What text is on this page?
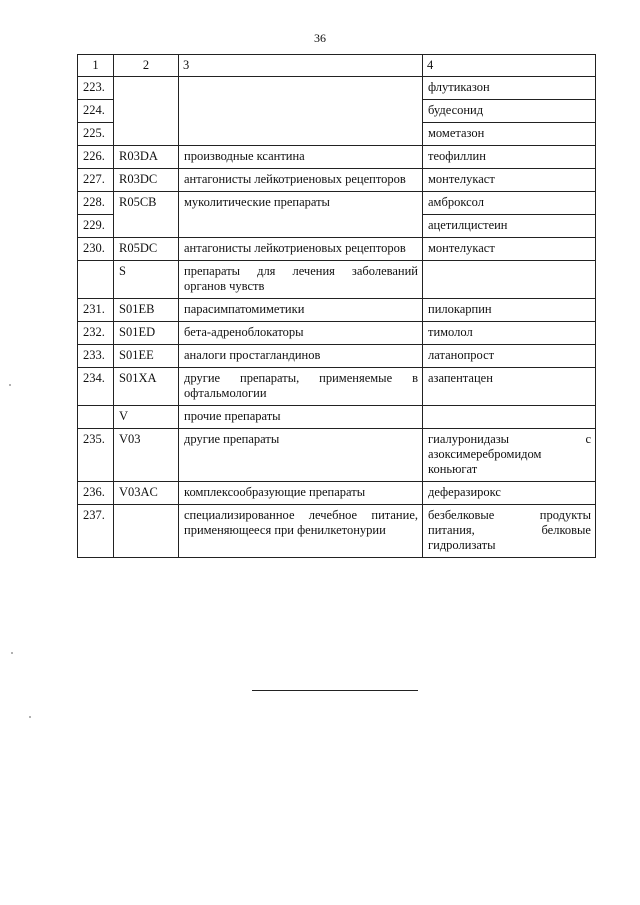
36
1	2	3	4
223.			флутиказон
224.			будесонид
225.			мометазон
226.	R03DA	производные ксантина	теофиллин
227.	R03DC	антагонисты лейкотриеновых рецепторов	монтелукаст
228.	R05CB	муколитические препараты	амброксол
229.			ацетилцистеин
230.	R05DC	антагонисты лейкотриеновых рецепторов	монтелукаст
	S	препараты для лечения заболеваний органов чувств	
231.	S01EB	парасимпатомиметики	пилокарпин
232.	S01ED	бета-адреноблокаторы	тимолол
233.	S01EE	аналоги простагландинов	латанопрост
234.	S01XA	другие препараты, применяемые в офтальмологии	азапентацен
	V	прочие препараты	
235.	V03	другие препараты	гиалуронидазы с азоксимеребромидом коньюгат
236.	V03AC	комплексообразующие препараты	деферазирокс
237.		специализированное лечебное питание, применяющееся при фенилкетонурии	безбелковые продукты питания, белковые гидролизаты
